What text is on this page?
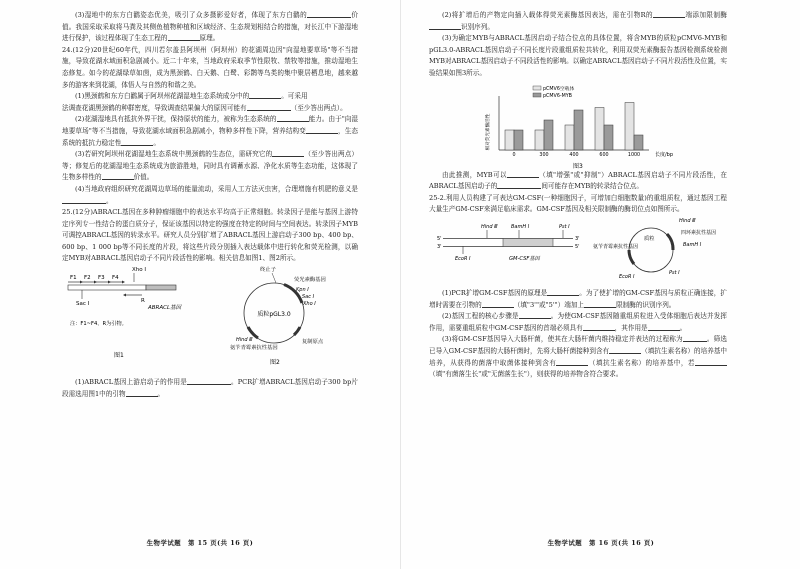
(3)湿地中的东方白鹳姿态优美，吸引了众多摄影爱好者，体现了东方白鹳的	价值。我国采取采取将马粪及其侧鱼植物种植和区域经济、生态规划相结合的措施，对长江中下游湿地进行保护，该过程体现了生态工程的	原理。

24.(12分)20世纪60年代，四川若尔盖县阿坝州（阿坝州）的花湖周边因"向湿地要草场"等不当措施，导致花湖水域面积急剧减小。近二十年来，当地政府采取季节性限牧、禁牧等措施，推动湿地生态修复。如今的花湖绿草如茵，成为黑颈鹤、白天鹅、白鹭、彩鹮等鸟类的集中聚居栖息地，越来越多的游客来到花湖，体悟人与自然的和谐之美。

(1)黑颈鹤和东方白鹳属于阿坝州花湖湿地生态系统成分中的	。可采用
法调查花湖黑颈鹤的种群密度，导致调查结果偏大的原因可能有	（至少答出两点）。

(2)花湖湿地具有抵抗外界干扰，保持原状的能力，被称为生态系统的	能力。由于"向湿地要草场"等不当措施，导致花湖水域面积急剧减小，物种多样性下降，营养结构变	，生态系统的抵抗力稳定性	。

(3)若研究阿坝州花湖湿地生态系统中黑颈鹤的生态位，需研究它的	（至少答出两点）等；修复后的花湖湿地生态系统成为旅游胜地，同时具有调蓄水源、净化水质等生态功能，这体现了生物多样性的	价值。

(4)当地政府组织研究花湖周边草场的能量流动，采用人工方法灭虫害，合理增施有机肥的意义是。

25.(12分)ABRACL基因在多种肿瘤细胞中的表达水平均高于正常细胞。转录因子是能与基因上游特定序列专一性结合的蛋白质分子，保证该基因以特定的强度在特定的时间与空间表达。转录因子MYB可调控ABRACL基因的转录水平。研究人员分别扩增了ABRACL基因上游启动子300 bp、400 bp、600 bp、1 000 bp等不同长度的片段，将这些片段分别插入表达载体中进行转化和荧光检测，以确定MYB对ABRACL基因启动子不同片段活性的影响。相关信息如图1、图2所示。

Xho Ⅰ
F1 F2 F3 F4
Sac Ⅰ	R
ABRACL基因
注：F1~F4、R为引物。
图1
质粒pGL3.0
终止子
荧光素酶基因
Kpn Ⅰ
Sac Ⅰ
Xho Ⅰ
Hind Ⅲ	复制原点
氨苄青霉素抗性基因
图2

(1)ABRACL基因上游启动子的作用是	。PCR扩增ABRACL基因启动子300 bp片段需选用图1中的引物	。

生物学试题　第 15 页(共 16 页)

(2)将扩增后的产物定向插入载体得荧光素酶基因表达，需在引物R的	端添加限制酶识别序列。

(3)为确定MYB与ABRACL基因启动子结合位点的具体位置，将含MYB的质粒pCMV6-MYB和pGL3.0-ABRACL基因启动子不同长度片段重组质粒共转化，利用双荧光素酶报告基因检测系统检测MYB对ABRACL基因启动子不同段活性的影响。以确定ABRACL基因启动子不同片段活性及位置，实验结果如图3所示。

0	300	400	600	1000
pCMV6空载体
pCMV6-MYB
相对荧光素酶活性
长度/bp
图3

由此推测，MYB可以	（填"增强"或"抑制"）ABRACL基因启动子不同片段活性，在ABRACL基因启动子的	间可能存在MYB的转录结合位点。

25-2.利用人员构建了可表达GM-CSF(一种细胞因子，可增加白细胞数量)的重组质粒，通过基因工程大量生产GM-CSF来满足临床需求。GM-CSF基因及相关限制酶的酶切位点如图所示。

Hind Ⅲ	BamH Ⅰ	Pst Ⅰ
5'
3'
3'
5'
EcoR Ⅰ	GM-CSF基因
质粒
Hind Ⅲ
四环素抗性基因
BamH Ⅰ
氨苄青霉素抗性基因
Pst Ⅰ
EcoR Ⅰ

(1)PCR扩增GM-CSF基因的原理是	。为了使扩增的GM-CSF基因与质粒正确连接，扩增时需要在引物的	（填"3'"或"5'"）端加上	限制酶的识别序列。

(2)基因工程的核心步骤是	。为使GM-CSF基因随重组质粒进入受体细胞后表达并发挥作用，需要重组质粒中GM-CSF基因的首端必须具有	，其作用是	。

(3)将GM-CSF基因导入大肠杆菌，使其在大肠杆菌内维持稳定并表达的过程称为	。筛选已导入GM-CSF基因的大肠杆菌时，先将大肠杆菌接种到含有	（填抗生素名称）的培养基中培养，从获得的菌落中取菌体接种到含有	（填抗生素名称）的培养基中，若（填"有菌落生长"或"无菌落生长"），则获得的培养物含符合要求。

生物学试题　第 16 页(共 16 页)
